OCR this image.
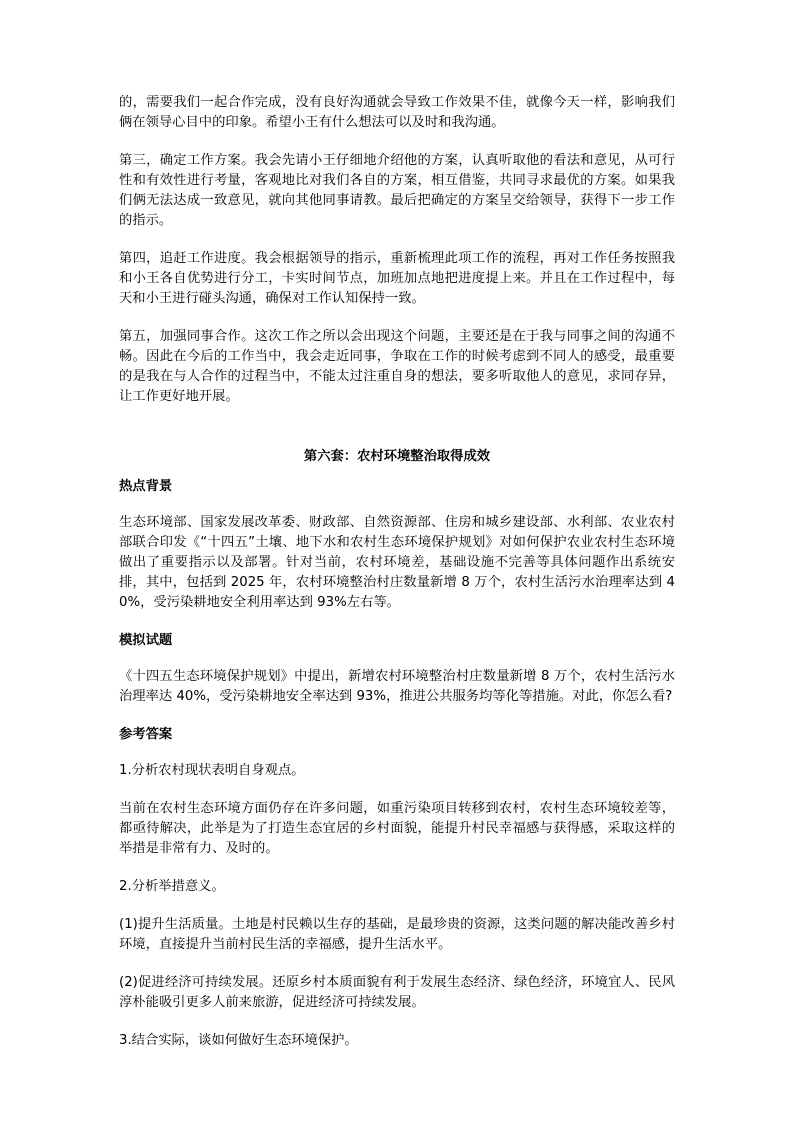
的，需要我们一起合作完成，没有良好沟通就会导致工作效果不佳，就像今天一样，影响我们俩在领导心目中的印象。希望小王有什么想法可以及时和我沟通。

第三，确定工作方案。我会先请小王仔细地介绍他的方案，认真听取他的看法和意见，从可行性和有效性进行考量，客观地比对我们各自的方案，相互借鉴，共同寻求最优的方案。如果我们俩无法达成一致意见，就向其他同事请教。最后把确定的方案呈交给领导，获得下一步工作的指示。

第四，追赶工作进度。我会根据领导的指示，重新梳理此项工作的流程，再对工作任务按照我和小王各自优势进行分工，卡实时间节点，加班加点地把进度提上来。并且在工作过程中，每天和小王进行碰头沟通，确保对工作认知保持一致。

第五，加强同事合作。这次工作之所以会出现这个问题，主要还是在于我与同事之间的沟通不畅。因此在今后的工作当中，我会走近同事，争取在工作的时候考虑到不同人的感受，最重要的是我在与人合作的过程当中，不能太过注重自身的想法，要多听取他人的意见，求同存异，让工作更好地开展。

第六套：农村环境整治取得成效

热点背景

生态环境部、国家发展改革委、财政部、自然资源部、住房和城乡建设部、水利部、农业农村部联合印发《“十四五”土壤、地下水和农村生态环境保护规划》对如何保护农业农村生态环境做出了重要指示以及部署。针对当前，农村环境差，基础设施不完善等具体问题作出系统安排，其中，包括到 2025 年，农村环境整治村庄数量新增 8 万个，农村生活污水治理率达到 40%，受污染耕地安全利用率达到 93%左右等。

模拟试题

《十四五生态环境保护规划》中提出，新增农村环境整治村庄数量新增 8 万个，农村生活污水治理率达 40%，受污染耕地安全率达到 93%，推进公共服务均等化等措施。对此，你怎么看?

参考答案

1.分析农村现状表明自身观点。

当前在农村生态环境方面仍存在许多问题，如重污染项目转移到农村，农村生态环境较差等，都亟待解决，此举是为了打造生态宜居的乡村面貌，能提升村民幸福感与获得感，采取这样的举措是非常有力、及时的。

2.分析举措意义。

(1)提升生活质量。土地是村民赖以生存的基础，是最珍贵的资源，这类问题的解决能改善乡村环境，直接提升当前村民生活的幸福感，提升生活水平。

(2)促进经济可持续发展。还原乡村本质面貌有利于发展生态经济、绿色经济，环境宜人、民风淳朴能吸引更多人前来旅游，促进经济可持续发展。

3.结合实际，谈如何做好生态环境保护。
